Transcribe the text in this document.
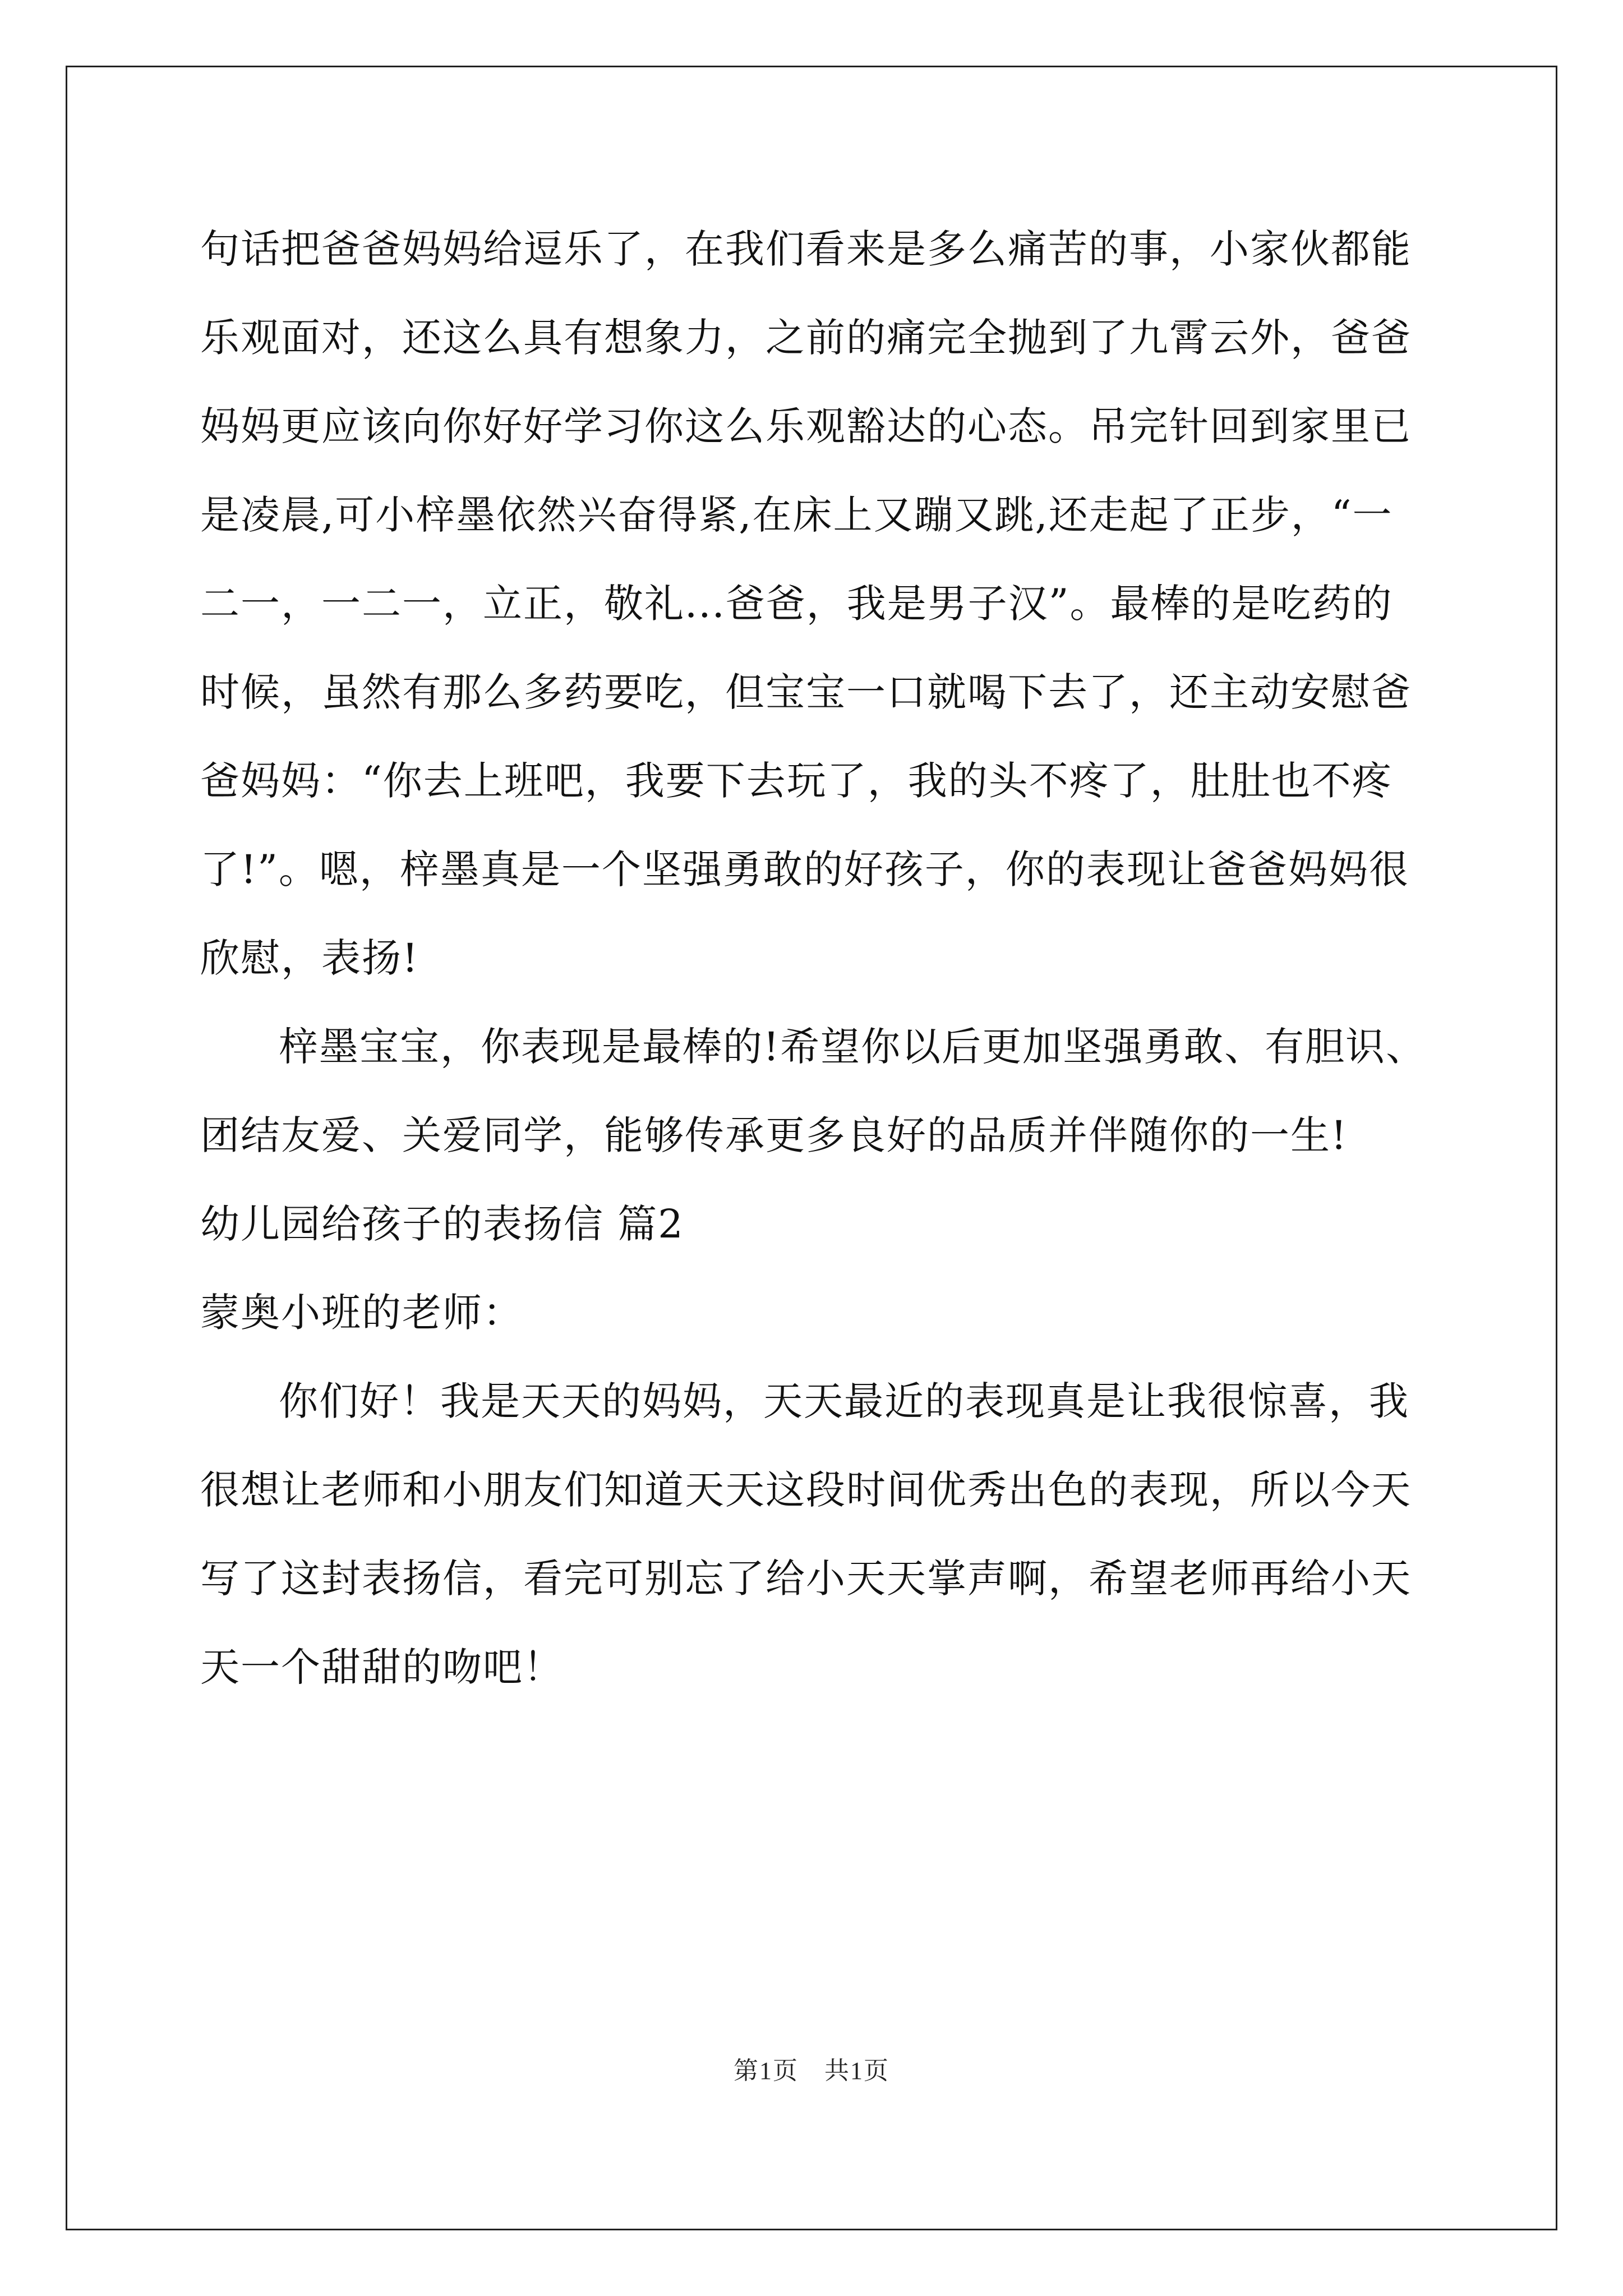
句话把爸爸妈妈给逗乐了，在我们看来是多么痛苦的事，小家伙都能
乐观面对，还这么具有想象力，之前的痛完全抛到了九霄云外，爸爸
妈妈更应该向你好好学习你这么乐观豁达的心态。吊完针回到家里已
是凌晨,可小梓墨依然兴奋得紧,在床上又蹦又跳,还走起了正步，“一
二一，一二一，立正，敬礼...爸爸，我是男子汉”。最棒的是吃药的
时候，虽然有那么多药要吃，但宝宝一口就喝下去了，还主动安慰爸
爸妈妈：“你去上班吧，我要下去玩了，我的头不疼了，肚肚也不疼
了!”。嗯，梓墨真是一个坚强勇敢的好孩子，你的表现让爸爸妈妈很
欣慰，表扬!
梓墨宝宝，你表现是最棒的!希望你以后更加坚强勇敢、有胆识、
团结友爱、关爱同学，能够传承更多良好的品质并伴随你的一生!
幼儿园给孩子的表扬信 篇2
蒙奥小班的老师：
你们好！我是天天的妈妈，天天最近的表现真是让我很惊喜，我
很想让老师和小朋友们知道天天这段时间优秀出色的表现，所以今天
写了这封表扬信，看完可别忘了给小天天掌声啊，希望老师再给小天
天一个甜甜的吻吧！
第1页　共1页
